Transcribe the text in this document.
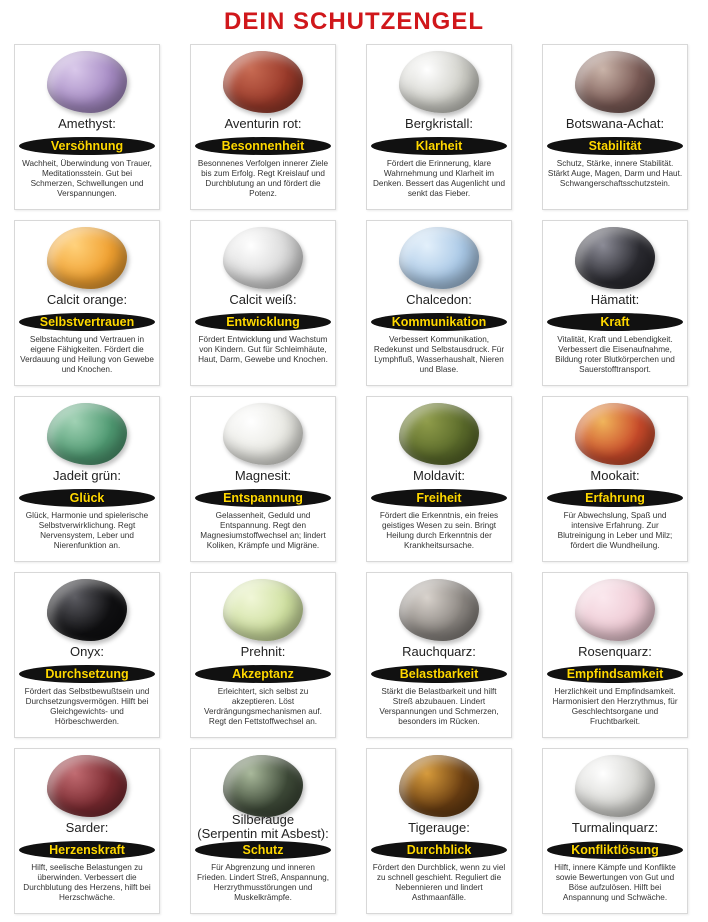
DEIN SCHUTZENGEL
Amethyst:
Versöhnung
Wachheit, Überwindung von Trauer, Meditationsstein. Gut bei Schmerzen, Schwellungen und Verspannungen.
Aventurin rot:
Besonnenheit
Besonnenes Verfolgen innerer Ziele bis zum Erfolg. Regt Kreislauf und Durchblutung an und fördert die Potenz.
Bergkristall:
Klarheit
Fördert die Erinnerung, klare Wahrnehmung und Klarheit im Denken. Bessert das Augenlicht und senkt das Fieber.
Botswana-Achat:
Stabilität
Schutz, Stärke, innere Stabilität. Stärkt Auge, Magen, Darm und Haut. Schwangerschaftsschutzstein.
Calcit orange:
Selbstvertrauen
Selbstachtung und Vertrauen in eigene Fähigkeiten. Fördert die Verdauung und Heilung von Gewebe und Knochen.
Calcit weiß:
Entwicklung
Fördert Entwicklung und Wachstum von Kindern. Gut für Schleimhäute, Haut, Darm, Gewebe und Knochen.
Chalcedon:
Kommunikation
Verbessert Kommunikation, Redekunst und Selbstausdruck. Für Lymphfluß, Wasserhaushalt, Nieren und Blase.
Hämatit:
Kraft
Vitalität, Kraft und Lebendigkeit. Verbessert die Eisenaufnahme, Bildung roter Blutkörperchen und Sauerstofftransport.
Jadeit grün:
Glück
Glück, Harmonie und spielerische Selbstverwirklichung. Regt Nervensystem, Leber und Nierenfunktion an.
Magnesit:
Entspannung
Gelassenheit, Geduld und Entspannung. Regt den Magnesiumstoffwechsel an; lindert Koliken, Krämpfe und Migräne.
Moldavit:
Freiheit
Fördert die Erkenntnis, ein freies geistiges Wesen zu sein. Bringt Heilung durch Erkenntnis der Krankheitsursache.
Mookait:
Erfahrung
Für Abwechslung, Spaß und intensive Erfahrung. Zur Blutreinigung in Leber und Milz; fördert die Wundheilung.
Onyx:
Durchsetzung
Fördert das Selbstbewußtsein und Durchsetzungsvermögen. Hilft bei Gleichgewichts- und Hörbeschwerden.
Prehnit:
Akzeptanz
Erleichtert, sich selbst zu akzeptieren. Löst Verdrängungsmechanismen auf. Regt den Fettstoffwechsel an.
Rauchquarz:
Belastbarkeit
Stärkt die Belastbarkeit und hilft Streß abzubauen. Lindert Verspannungen und Schmerzen, besonders im Rücken.
Rosenquarz:
Empfindsamkeit
Herzlichkeit und Empfindsamkeit. Harmonisiert den Herzrythmus, für Geschlechtsorgane und Fruchtbarkeit.
Sarder:
Herzenskraft
Hilft, seelische Belastungen zu überwinden. Verbessert die Durchblutung des Herzens, hilft bei Herzschwäche.
Silberauge
(Serpentin mit Asbest):
Schutz
Für Abgrenzung und inneren Frieden. Lindert Streß, Anspannung, Herzrythmusstörungen und Muskelkrämpfe.
Tigerauge:
Durchblick
Fördert den Durchblick, wenn zu viel zu schnell geschieht. Reguliert die Nebennieren und lindert Asthmaanfälle.
Turmalinquarz:
Konfliktlösung
Hilft, innere Kämpfe und Konflikte sowie Bewertungen von Gut und Böse aufzulösen. Hilft bei Anspannung und Schwäche.
